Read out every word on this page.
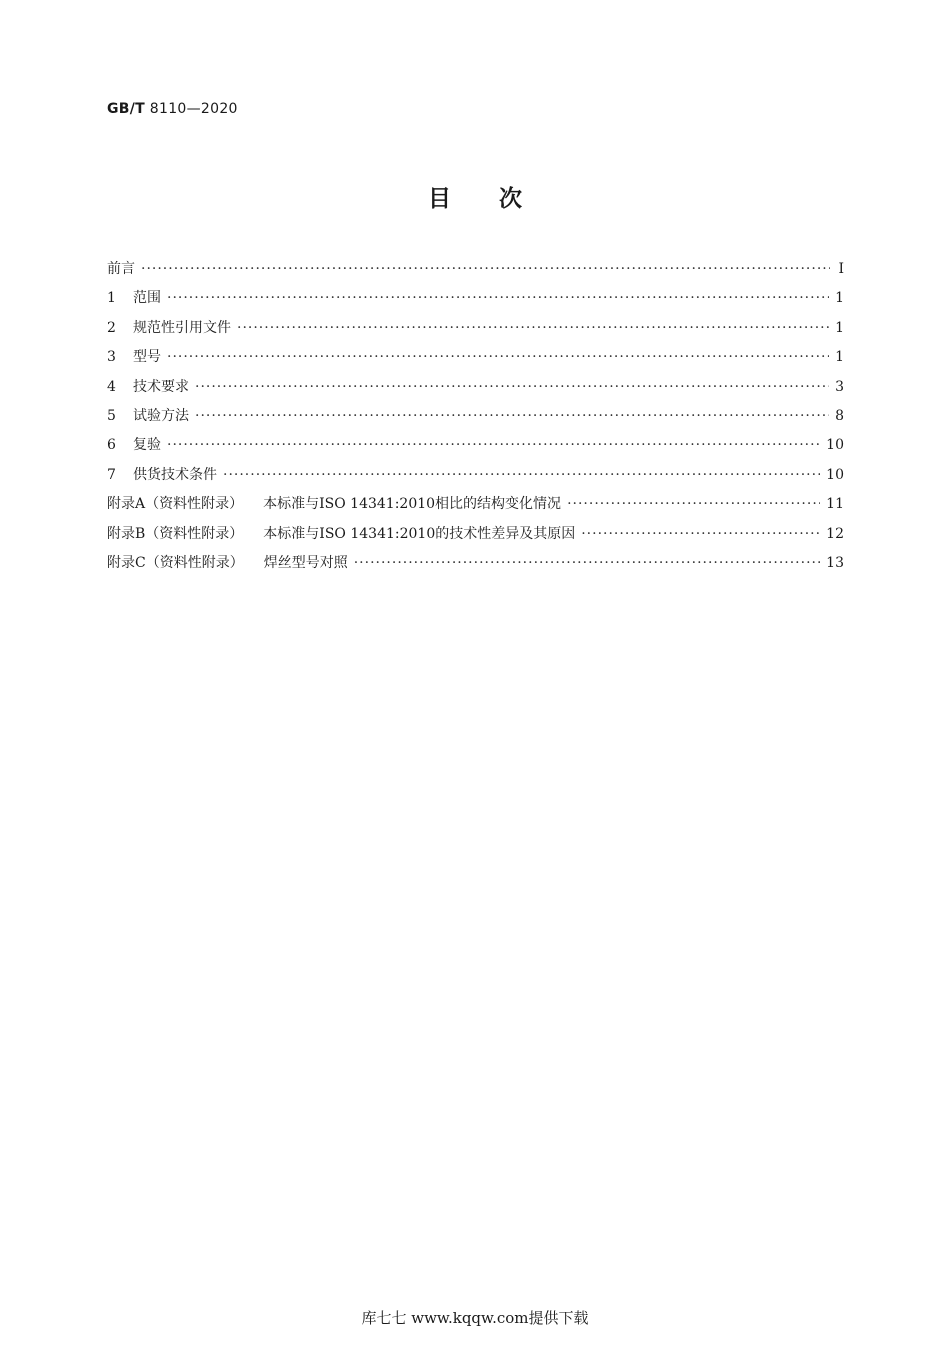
GB/T 8110—2020
目次
前言 ·····	Ⅰ
1 范围 ·····	1
2 规范性引用文件 ·····	1
3 型号 ·····	1
4 技术要求 ·····	3
5 试验方法 ·····	8
6 复验 ·····	10
7 供货技术条件 ·····	10
附录A（资料性附录） 本标准与ISO 14341:2010相比的结构变化情况 ·····	11
附录B（资料性附录） 本标准与ISO 14341:2010的技术性差异及其原因 ·····	12
附录C（资料性附录） 焊丝型号对照 ·····	13
库七七 www.kqqw.com提供下载
